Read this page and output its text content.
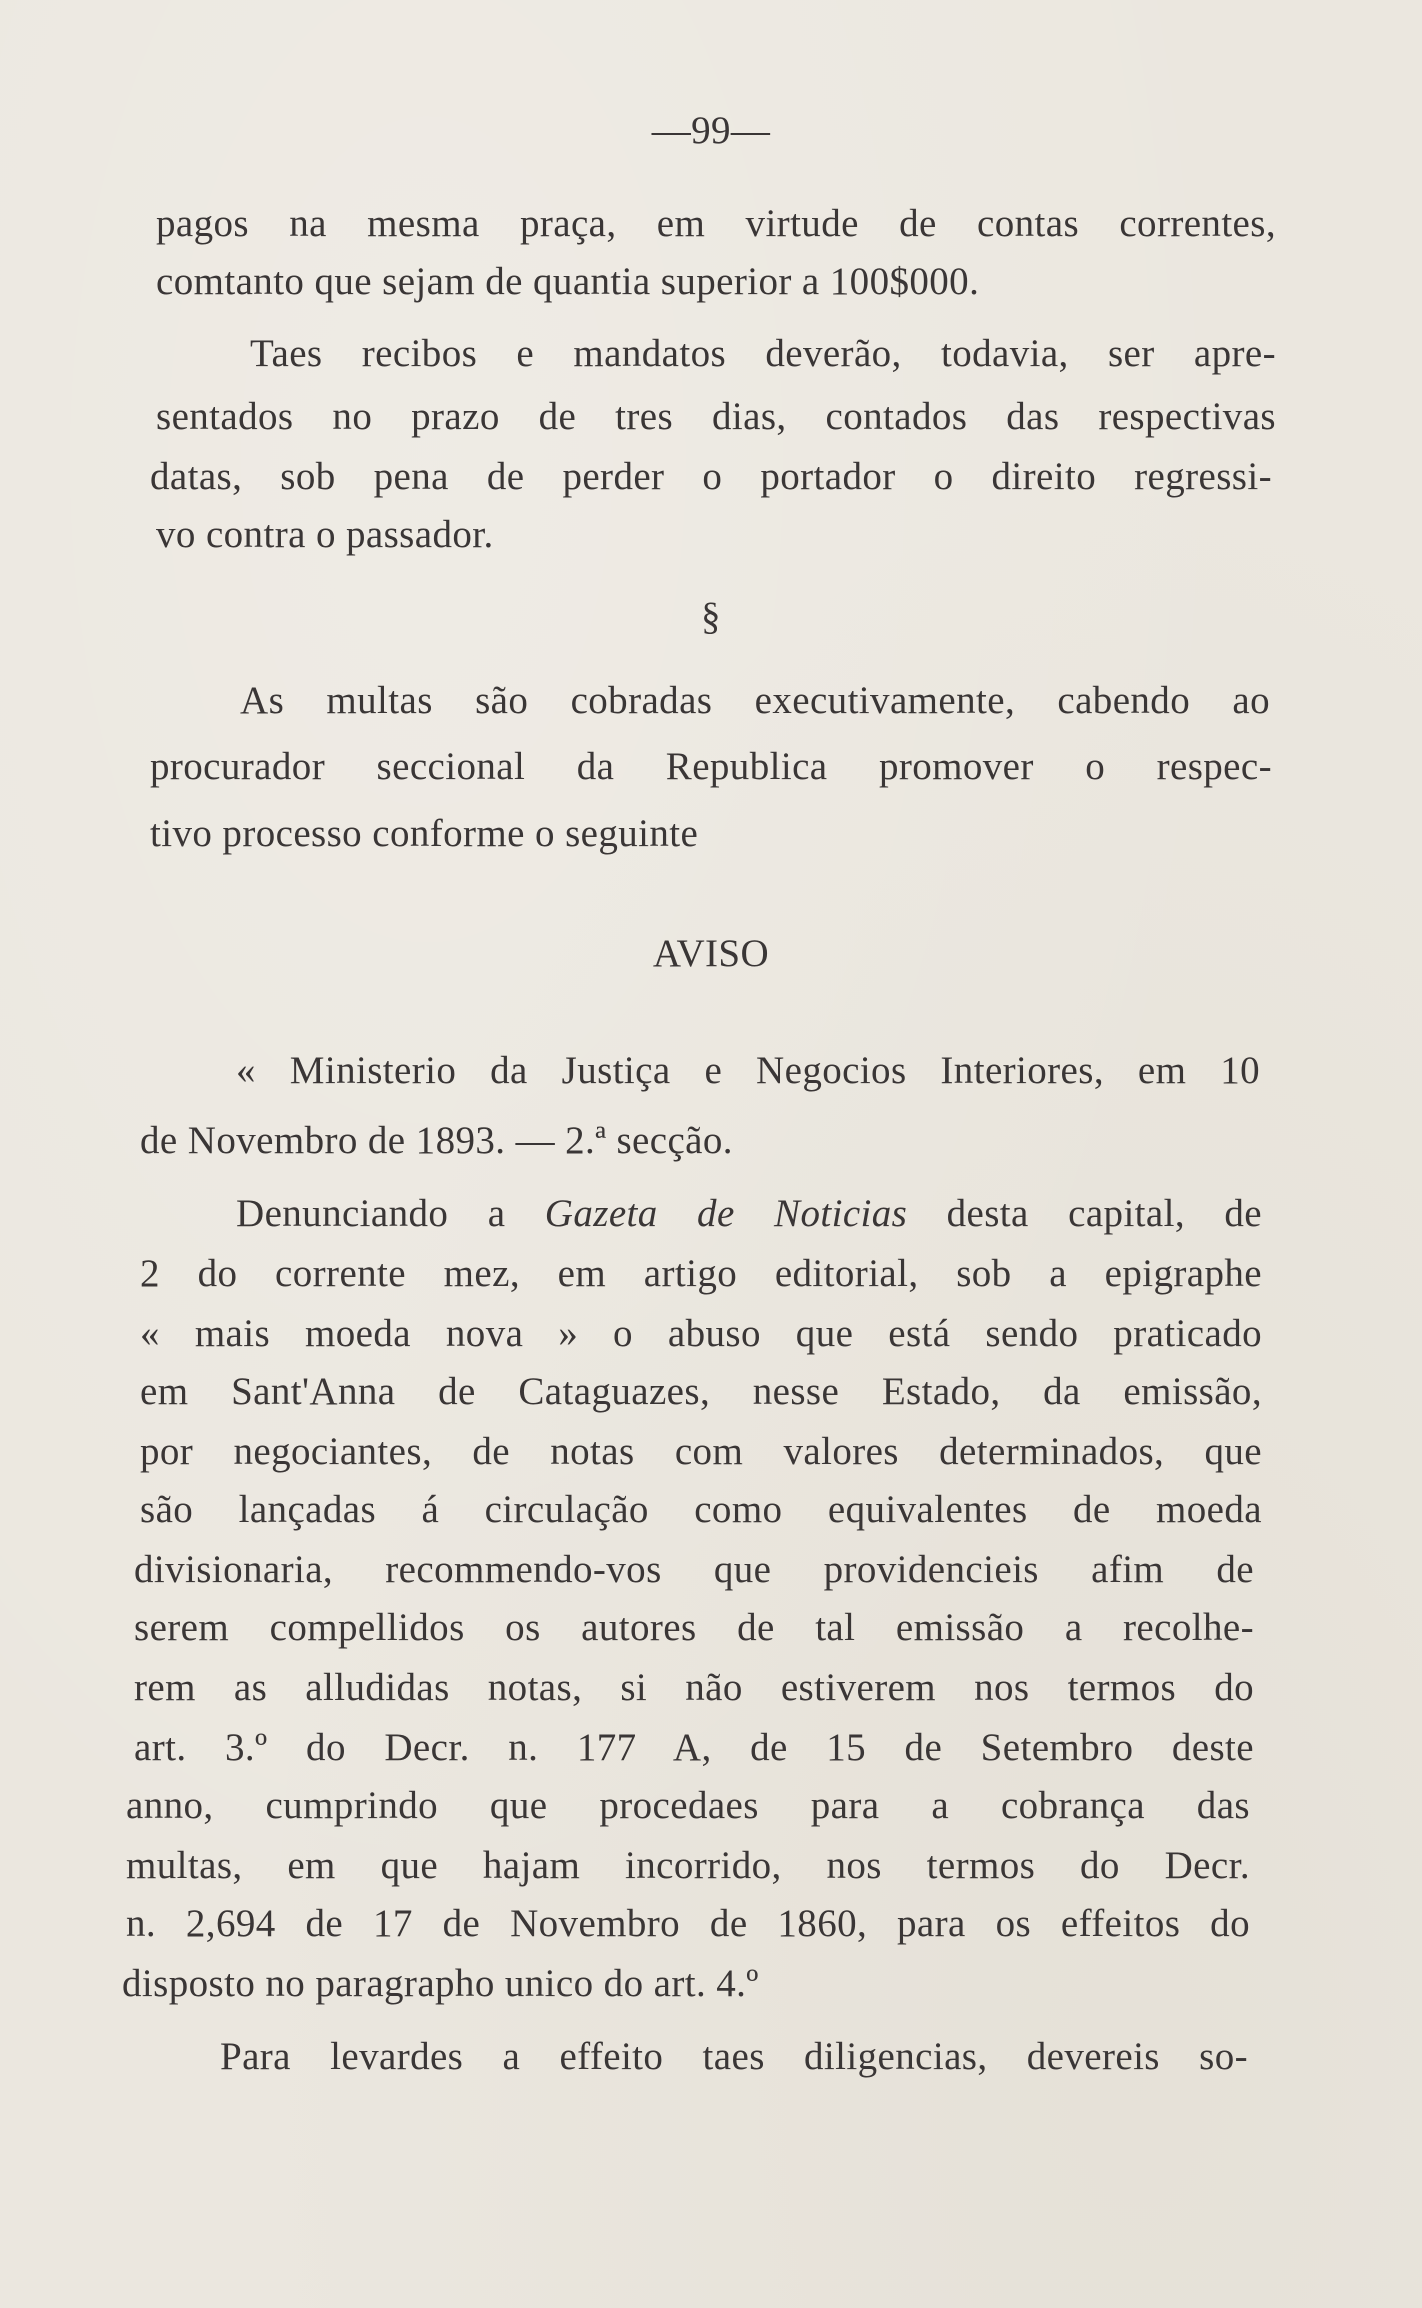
—99—
pagos na mesma praça, em virtude de contas correntes,
comtanto que sejam de quantia superior a 100$000.
Taes recibos e mandatos deverão, todavia, ser apre-
sentados no prazo de tres dias, contados das respectivas
datas, sob pena de perder o portador o direito regressi-
vo contra o passador.
§
As multas são cobradas executivamente, cabendo ao
procurador seccional da Republica promover o respec-
tivo processo conforme o seguinte
AVISO
« Ministerio da Justiça e Negocios Interiores, em 10
de Novembro de 1893. — 2.ª secção.
Denunciando a Gazeta de Noticias desta capital, de
2 do corrente mez, em artigo editorial, sob a epigraphe
« mais moeda nova » o abuso que está sendo praticado
em Sant'Anna de Cataguazes, nesse Estado, da emissão,
por negociantes, de notas com valores determinados, que
são lançadas á circulação como equivalentes de moeda
divisionaria, recommendo-vos que providencieis afim de
serem compellidos os autores de tal emissão a recolhe-
rem as alludidas notas, si não estiverem nos termos do
art. 3.º do Decr. n. 177 A, de 15 de Setembro deste
anno, cumprindo que procedaes para a cobrança das
multas, em que hajam incorrido, nos termos do Decr.
n. 2,694 de 17 de Novembro de 1860, para os effeitos do
disposto no paragrapho unico do art. 4.º
Para levardes a effeito taes diligencias, devereis so-
